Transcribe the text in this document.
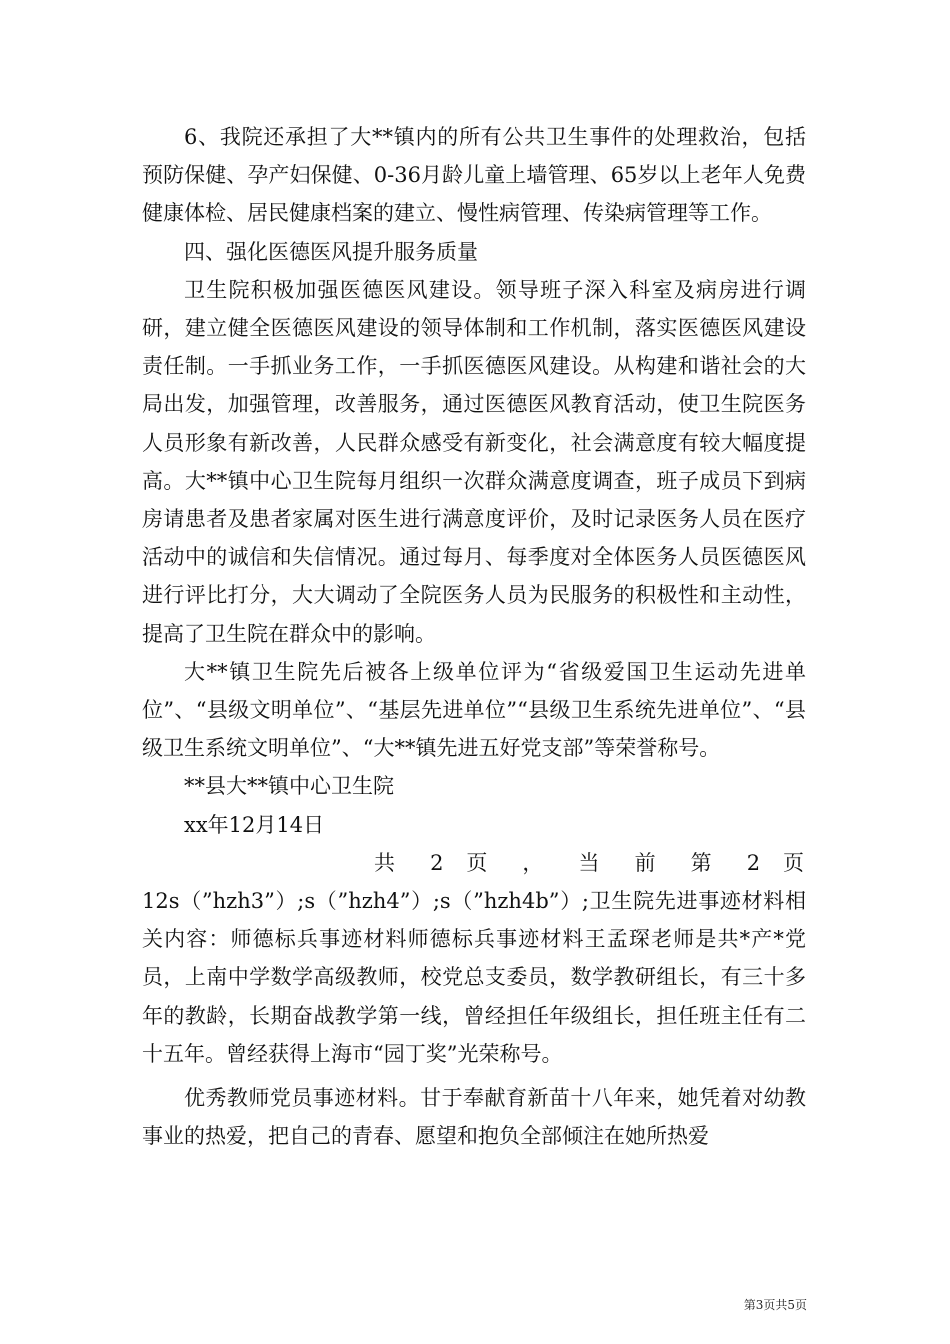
6、我院还承担了大**镇内的所有公共卫生事件的处理救治，包括预防保健、孕产妇保健、0-36月龄儿童上墙管理、65岁以上老年人免费健康体检、居民健康档案的建立、慢性病管理、传染病管理等工作。

四、强化医德医风提升服务质量

卫生院积极加强医德医风建设。领导班子深入科室及病房进行调研，建立健全医德医风建设的领导体制和工作机制，落实医德医风建设责任制。一手抓业务工作，一手抓医德医风建设。从构建和谐社会的大局出发，加强管理，改善服务，通过医德医风教育活动，使卫生院医务人员形象有新改善，人民群众感受有新变化，社会满意度有较大幅度提高。大**镇中心卫生院每月组织一次群众满意度调查，班子成员下到病房请患者及患者家属对医生进行满意度评价，及时记录医务人员在医疗活动中的诚信和失信情况。通过每月、每季度对全体医务人员医德医风进行评比打分，大大调动了全院医务人员为民服务的积极性和主动性，提高了卫生院在群众中的影响。

大**镇卫生院先后被各上级单位评为“省级爱国卫生运动先进单位”、“县级文明单位”、“基层先进单位”“县级卫生系统先进单位”、“县级卫生系统文明单位”、“大**镇先进五好党支部”等荣誉称号。

**县大**镇中心卫生院

xx年12月14日

共 2 页 ， 当 前 第 2 页

12s（”hzh3”）;s（”hzh4”）;s（”hzh4b”）;卫生院先进事迹材料相关内容：师德标兵事迹材料师德标兵事迹材料王孟琛老师是共*产*党员，上南中学数学高级教师，校党总支委员，数学教研组长，有三十多年的教龄，长期奋战教学第一线，曾经担任年级组长，担任班主任有二十五年。曾经获得上海市“园丁奖”光荣称号。

优秀教师党员事迹材料。甘于奉献育新苗十八年来，她凭着对幼教事业的热爱，把自己的青春、愿望和抱负全部倾注在她所热爱

第3页共5页
